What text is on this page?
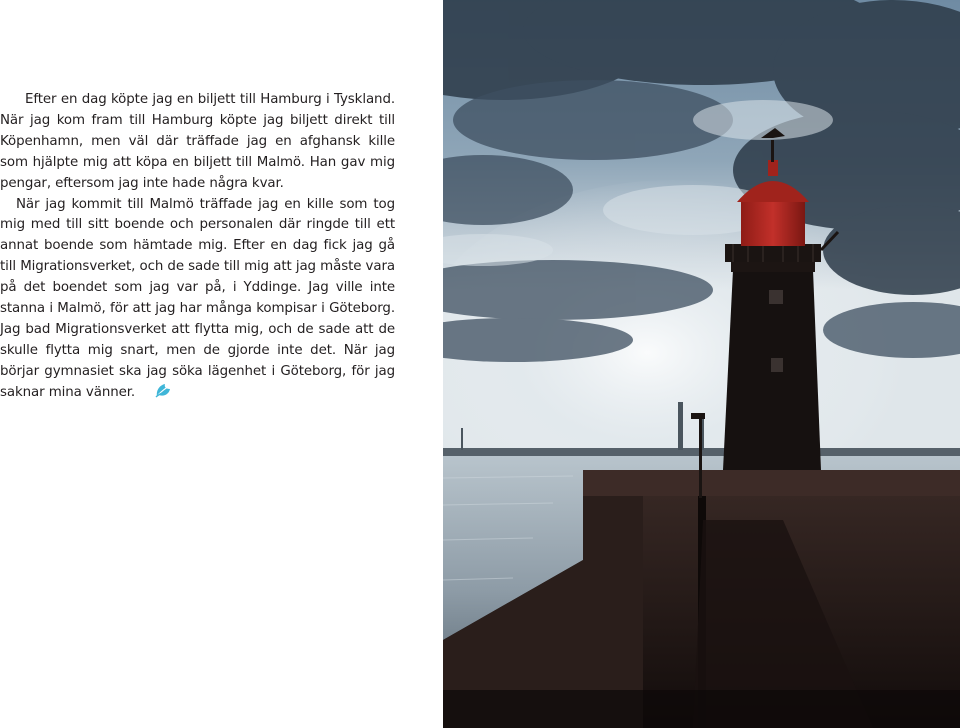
Efter en dag köpte jag en biljett till Hamburg i Tyskland. När jag kom fram till Hamburg köpte jag biljett direkt till Köpenhamn, men väl där träffade jag en afghansk kille som hjälpte mig att köpa en biljett till Malmö. Han gav mig pengar, eftersom jag inte hade några kvar.

När jag kommit till Malmö träffade jag en kille som tog mig med till sitt boende och personalen där ringde till ett annat boende som hämtade mig. Efter en dag fick jag gå till Migrationsverket, och de sade till mig att jag måste vara på det boendet som jag var på, i Yddinge. Jag ville inte stanna i Malmö, för att jag har många kompisar i Göteborg. Jag bad Migrationsverket att flytta mig, och de sade att de skulle flytta mig snart, men de gjorde inte det. När jag börjar gymnasiet ska jag söka lägenhet i Göteborg, för jag saknar mina vänner.
